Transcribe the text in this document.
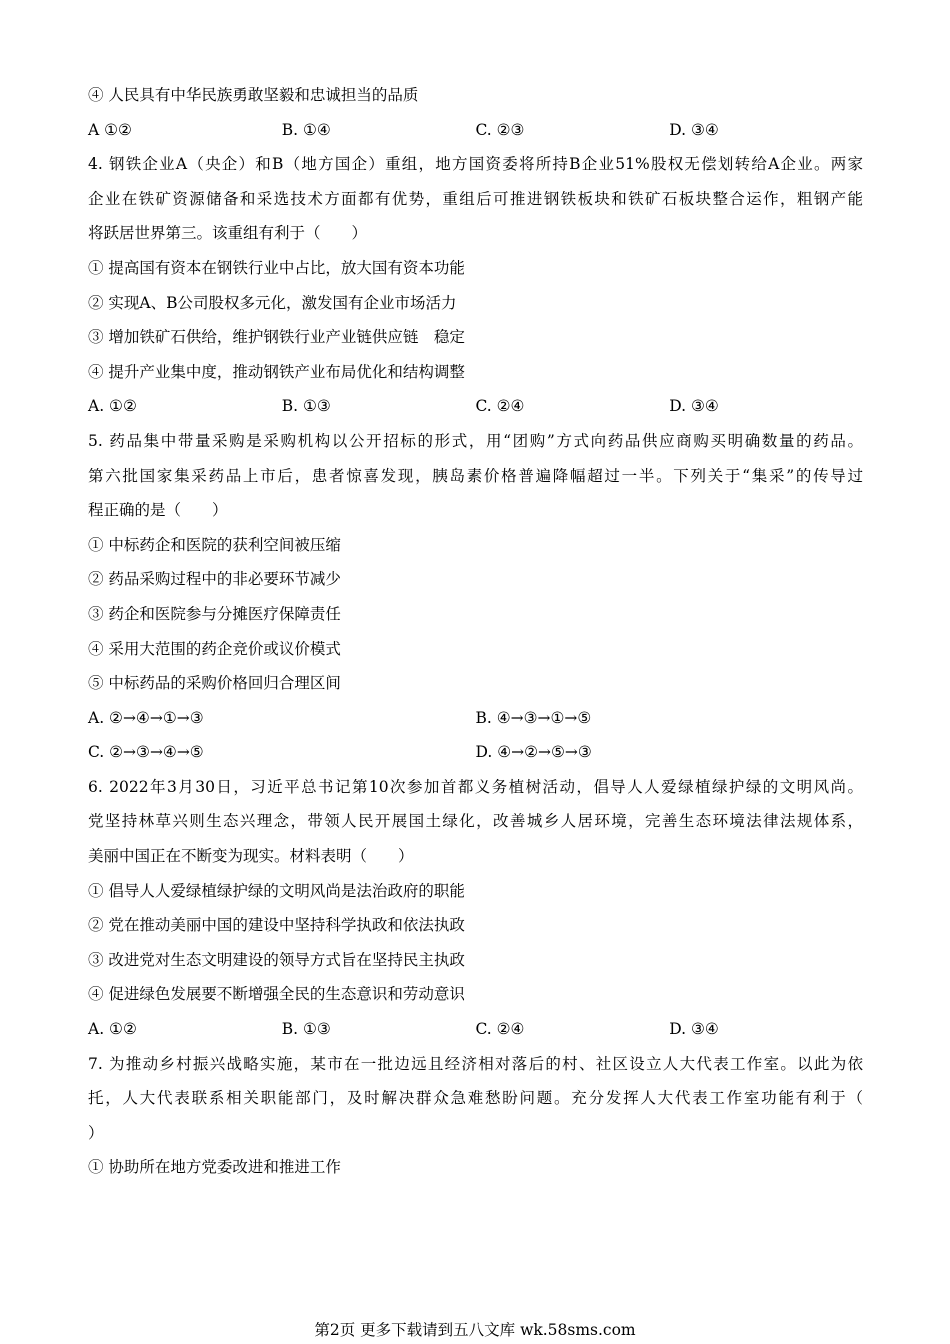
④ 人民具有中华民族勇敢坚毅和忠诚担当的品质
A ①②	B. ①④	C. ②③	D. ③④
4. 钢铁企业A（央企）和B（地方国企）重组，地方国资委将所持B企业51%股权无偿划转给A企业。两家
企业在铁矿资源储备和采选技术方面都有优势，重组后可推进钢铁板块和铁矿石板块整合运作，粗钢产能
将跃居世界第三。该重组有利于（　　）
① 提高国有资本在钢铁行业中占比，放大国有资本功能
② 实现A、B公司股权多元化，激发国有企业市场活力
③ 增加铁矿石供给，维护钢铁行业产业链供应链　稳定
④ 提升产业集中度，推动钢铁产业布局优化和结构调整
A. ①②	B. ①③	C. ②④	D. ③④
5. 药品集中带量采购是采购机构以公开招标的形式，用“团购”方式向药品供应商购买明确数量的药品。
第六批国家集采药品上市后，患者惊喜发现，胰岛素价格普遍降幅超过一半。下列关于“集采”的传导过
程正确的是（　　）
① 中标药企和医院的获利空间被压缩
② 药品采购过程中的非必要环节减少
③ 药企和医院参与分摊医疗保障责任
④ 采用大范围的药企竞价或议价模式
⑤ 中标药品的采购价格回归合理区间
A. ②→④→①→③	B. ④→③→①→⑤
C. ②→③→④→⑤	D. ④→②→⑤→③
6. 2022年3月30日，习近平总书记第10次参加首都义务植树活动，倡导人人爱绿植绿护绿的文明风尚。
党坚持林草兴则生态兴理念，带领人民开展国土绿化，改善城乡人居环境，完善生态环境法律法规体系，
美丽中国正在不断变为现实。材料表明（　　）
① 倡导人人爱绿植绿护绿的文明风尚是法治政府的职能
② 党在推动美丽中国的建设中坚持科学执政和依法执政
③ 改进党对生态文明建设的领导方式旨在坚持民主执政
④ 促进绿色发展要不断增强全民的生态意识和劳动意识
A. ①②	B. ①③	C. ②④	D. ③④
7. 为推动乡村振兴战略实施，某市在一批边远且经济相对落后的村、社区设立人大代表工作室。以此为依
托，人大代表联系相关职能部门，及时解决群众急难愁盼问题。充分发挥人大代表工作室功能有利于（
）
① 协助所在地方党委改进和推进工作
第2页 更多下载请到五八文库 wk.58sms.com
